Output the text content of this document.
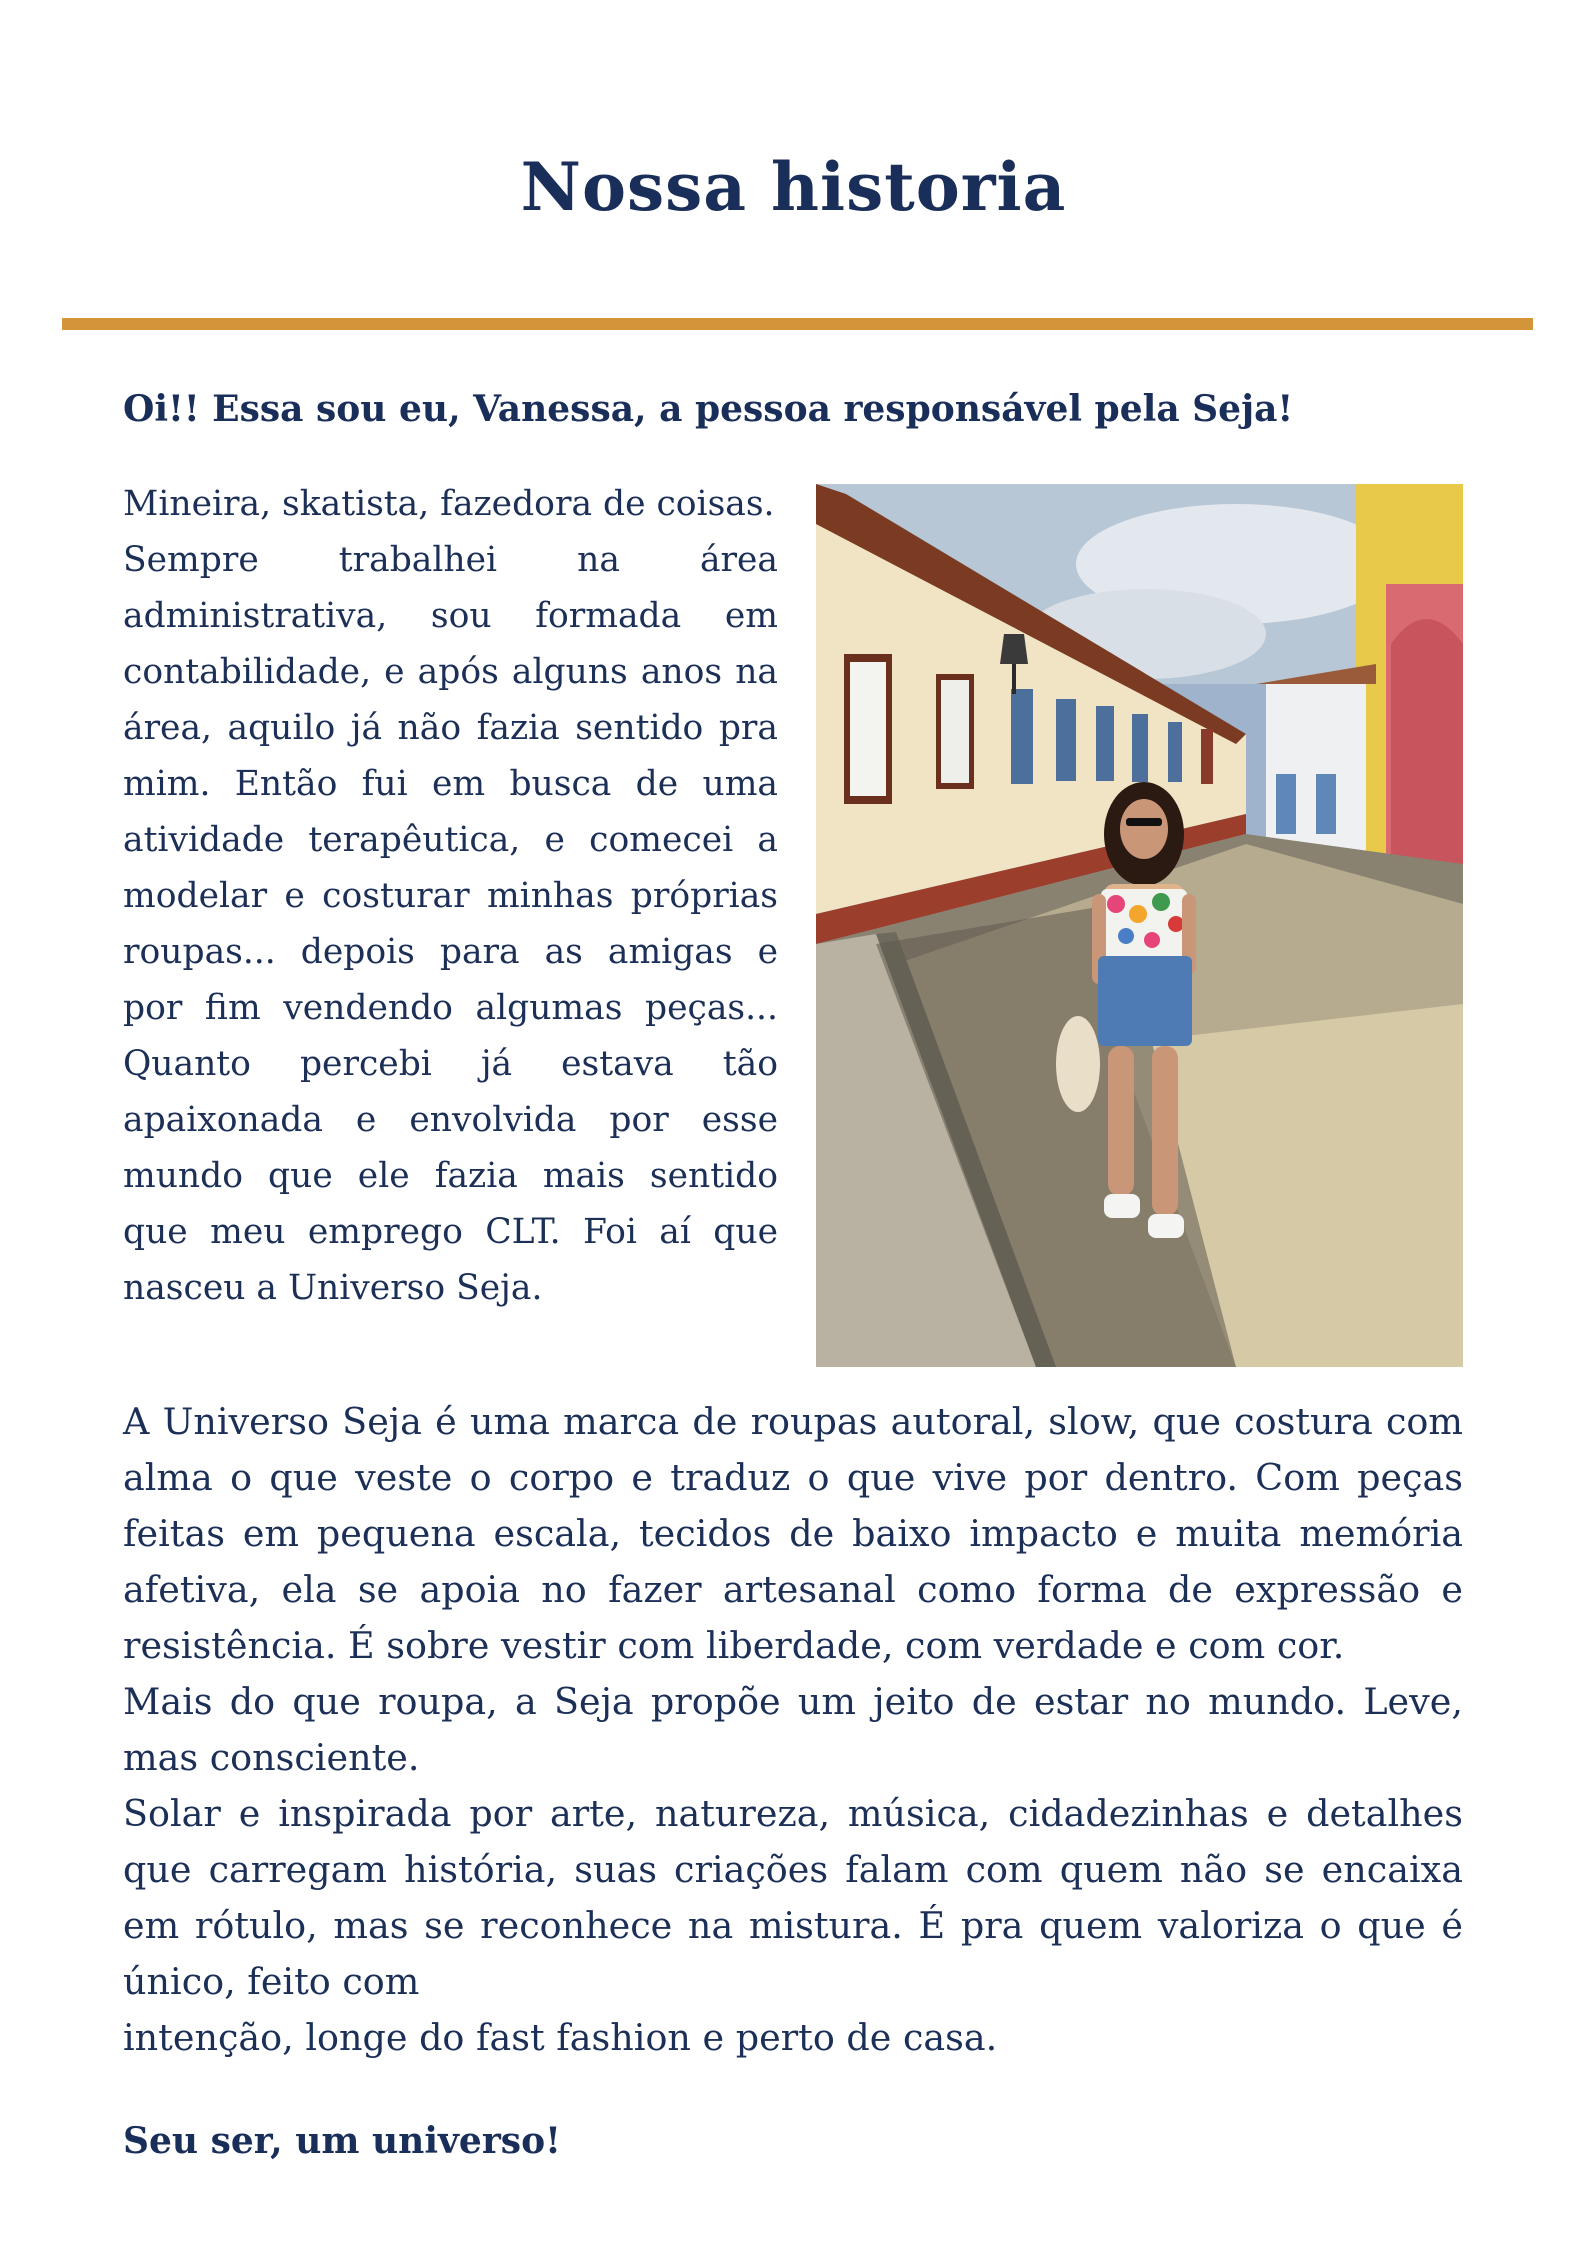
Nossa historia

Oi!! Essa sou eu, Vanessa, a pessoa responsável pela Seja!

Mineira, skatista, fazedora de coisas.

Sempre trabalhei na área administrativa, sou formada em contabilidade, e após alguns anos na área, aquilo já não fazia sentido pra mim. Então fui em busca de uma atividade terapêutica, e comecei a modelar e costurar minhas próprias roupas... depois para as amigas e por fim vendendo algumas peças... Quanto percebi já estava tão apaixonada e envolvida por esse mundo que ele fazia mais sentido que meu emprego CLT. Foi aí que nasceu a Universo Seja.

A Universo Seja é uma marca de roupas autoral, slow, que costura com alma o que veste o corpo e traduz o que vive por dentro. Com peças feitas em pequena escala, tecidos de baixo impacto e muita memória afetiva, ela se apoia no fazer artesanal como forma de expressão e resistência. É sobre vestir com liberdade, com verdade e com cor.

Mais do que roupa, a Seja propõe um jeito de estar no mundo. Leve, mas consciente.

Solar e inspirada por arte, natureza, música, cidadezinhas e detalhes que carregam história, suas criações falam com quem não se encaixa em rótulo, mas se reconhece na mistura. É pra quem valoriza o que é único, feito com

intenção, longe do fast fashion e perto de casa.

Seu ser, um universo!
